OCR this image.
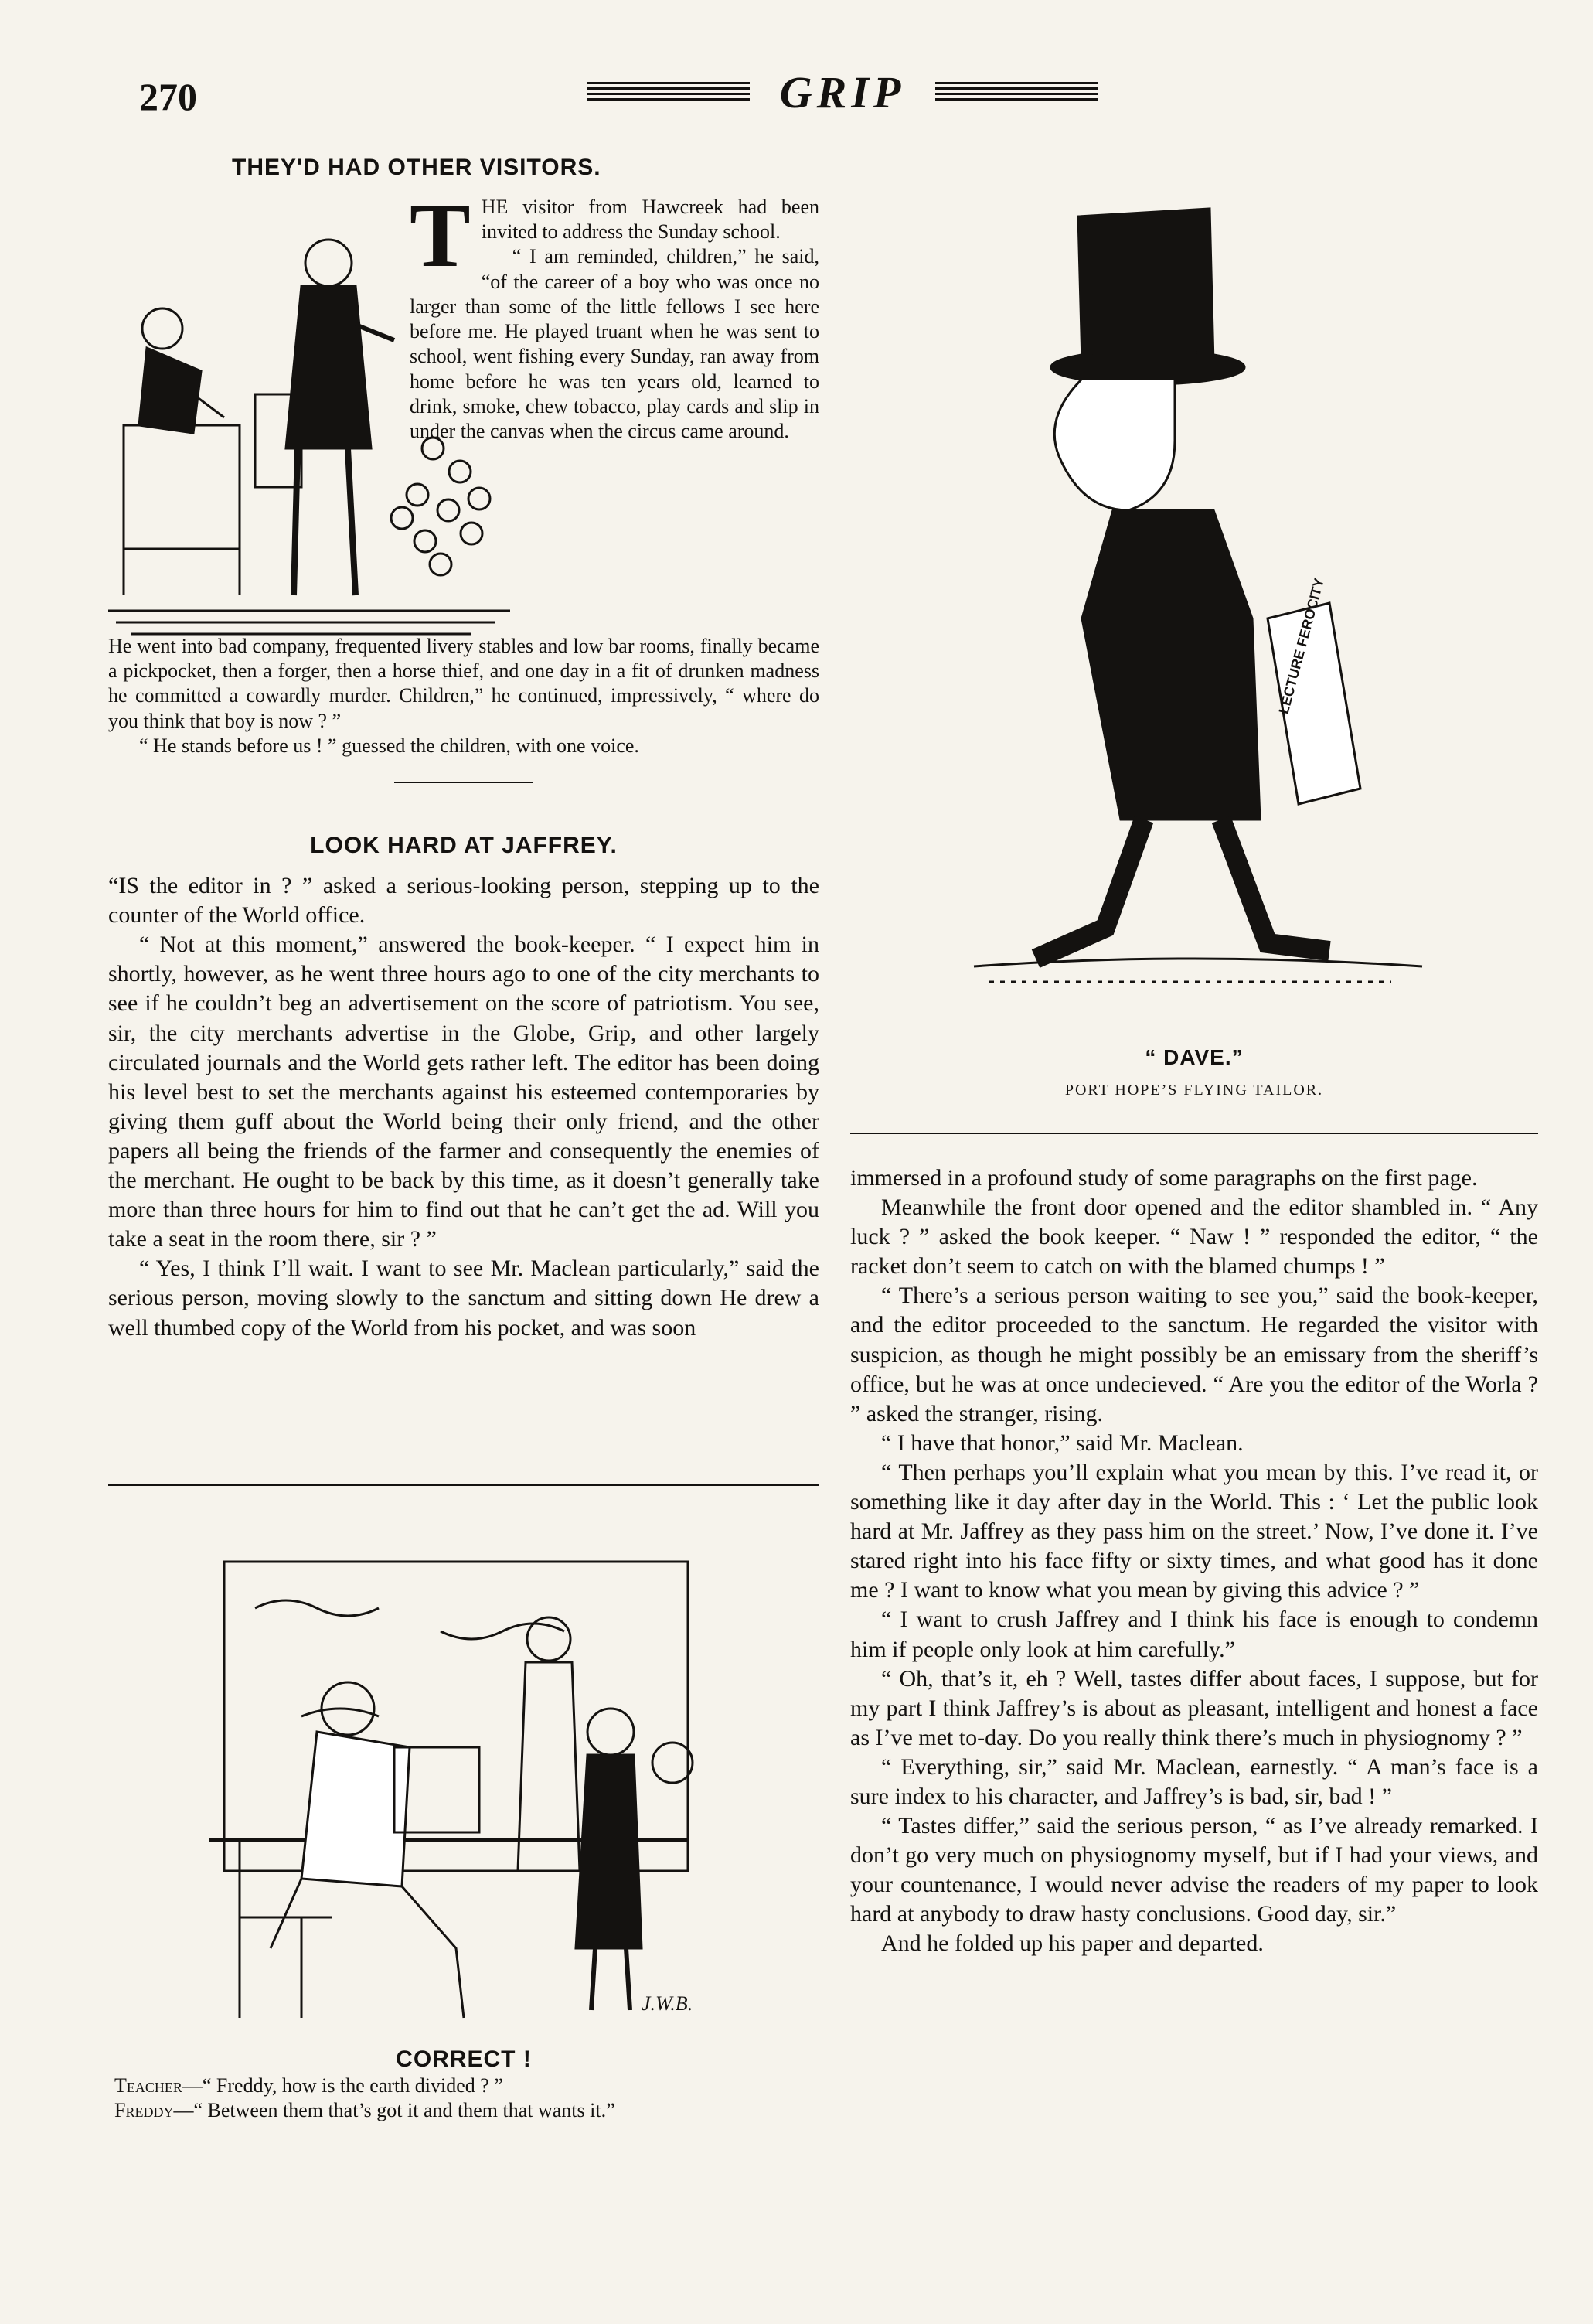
270	GRIP
THEY'D HAD OTHER VISITORS.
T HE visitor from Hawcreek had been invited to address the Sunday school.

“ I am reminded, children,” he said, “of the career of a boy who was once no larger than some of the little fellows I see here before me. He played truant when he was sent to school, went fishing every Sunday, ran away from home before he was ten years old, learned to drink, smoke, chew tobacco, play cards and slip in under the canvas when the circus came around.

He went into bad company, frequented livery stables and low bar rooms, finally became a pickpocket, then a forger, then a horse thief, and one day in a fit of drunken madness he committed a cowardly murder. Children,” he continued, impressively, “ where do you think that boy is now ? ”

“ He stands before us ! ” guessed the children, with one voice.

LOOK HARD AT JAFFREY.

“IS the editor in ? ” asked a serious-looking person, stepping up to the counter of the World office.

“ Not at this moment,” answered the book-keeper. “ I expect him in shortly, however, as he went three hours ago to one of the city merchants to see if he couldn’t beg an advertisement on the score of patriotism. You see, sir, the city merchants advertise in the Globe, Grip, and other largely circulated journals and the World gets rather left. The editor has been doing his level best to set the merchants against his esteemed contemporaries by giving them guff about the World being their only friend, and the other papers all being the friends of the farmer and consequently the enemies of the merchant. He ought to be back by this time, as it doesn’t generally take more than three hours for him to find out that he can’t get the ad. Will you take a seat in the room there, sir ? ”

“ Yes, I think I’ll wait. I want to see Mr. Maclean particularly,” said the serious person, moving slowly to the sanctum and sitting down He drew a well thumbed copy of the World from his pocket, and was soon

J.W.B.
CORRECT !
Teacher—“ Freddy, how is the earth divided ? ”
Freddy—“ Between them that’s got it and them that wants it.”
LECTURE FEROCITY
“ DAVE.”
PORT HOPE’S FLYING TAILOR.

immersed in a profound study of some paragraphs on the first page.

Meanwhile the front door opened and the editor shambled in. “ Any luck ? ” asked the book keeper. “ Naw ! ” responded the editor, “ the racket don’t seem to catch on with the blamed chumps ! ”

“ There’s a serious person waiting to see you,” said the book-keeper, and the editor proceeded to the sanctum. He regarded the visitor with suspicion, as though he might possibly be an emissary from the sheriff’s office, but he was at once undecieved. “ Are you the editor of the Worla ? ” asked the stranger, rising.

“ I have that honor,” said Mr. Maclean.

“ Then perhaps you’ll explain what you mean by this. I’ve read it, or something like it day after day in the World. This : ‘ Let the public look hard at Mr. Jaffrey as they pass him on the street.’ Now, I’ve done it. I’ve stared right into his face fifty or sixty times, and what good has it done me ? I want to know what you mean by giving this advice ? ”

“ I want to crush Jaffrey and I think his face is enough to condemn him if people only look at him carefully.”

“ Oh, that’s it, eh ? Well, tastes differ about faces, I suppose, but for my part I think Jaffrey’s is about as pleasant, intelligent and honest a face as I’ve met to-day. Do you really think there’s much in physiognomy ? ”

“ Everything, sir,” said Mr. Maclean, earnestly. “ A man’s face is a sure index to his character, and Jaffrey’s is bad, sir, bad ! ”

“ Tastes differ,” said the serious person, “ as I’ve already remarked. I don’t go very much on physiognomy myself, but if I had your views, and your countenance, I would never advise the readers of my paper to look hard at anybody to draw hasty conclusions. Good day, sir.”

And he folded up his paper and departed.
